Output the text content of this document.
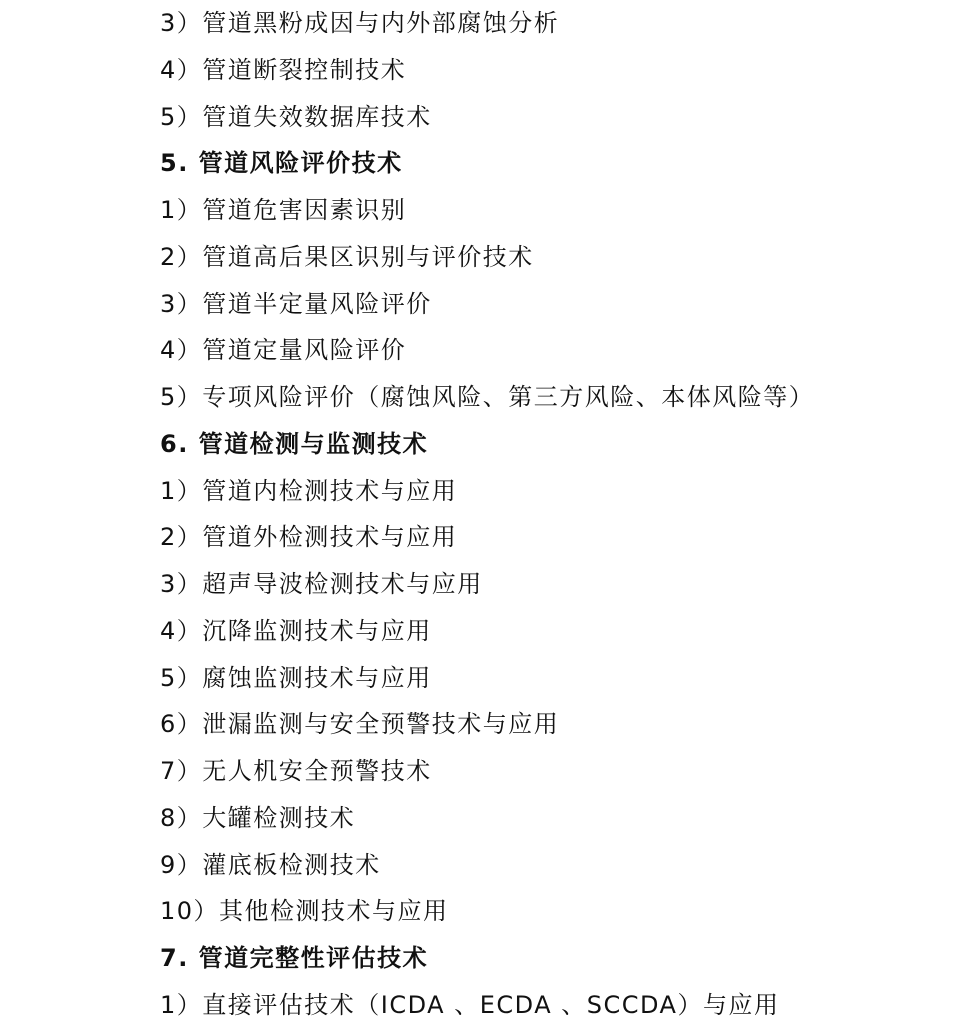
3）管道黑粉成因与内外部腐蚀分析
4）管道断裂控制技术
5）管道失效数据库技术
5. 管道风险评价技术
1）管道危害因素识别
2）管道高后果区识别与评价技术
3）管道半定量风险评价
4）管道定量风险评价
5）专项风险评价（腐蚀风险、第三方风险、本体风险等）
6. 管道检测与监测技术
1）管道内检测技术与应用
2）管道外检测技术与应用
3）超声导波检测技术与应用
4）沉降监测技术与应用
5）腐蚀监测技术与应用
6）泄漏监测与安全预警技术与应用
7）无人机安全预警技术
8）大罐检测技术
9）灌底板检测技术
10）其他检测技术与应用
7. 管道完整性评估技术
1）直接评估技术（ICDA 、ECDA 、SCCDA）与应用
